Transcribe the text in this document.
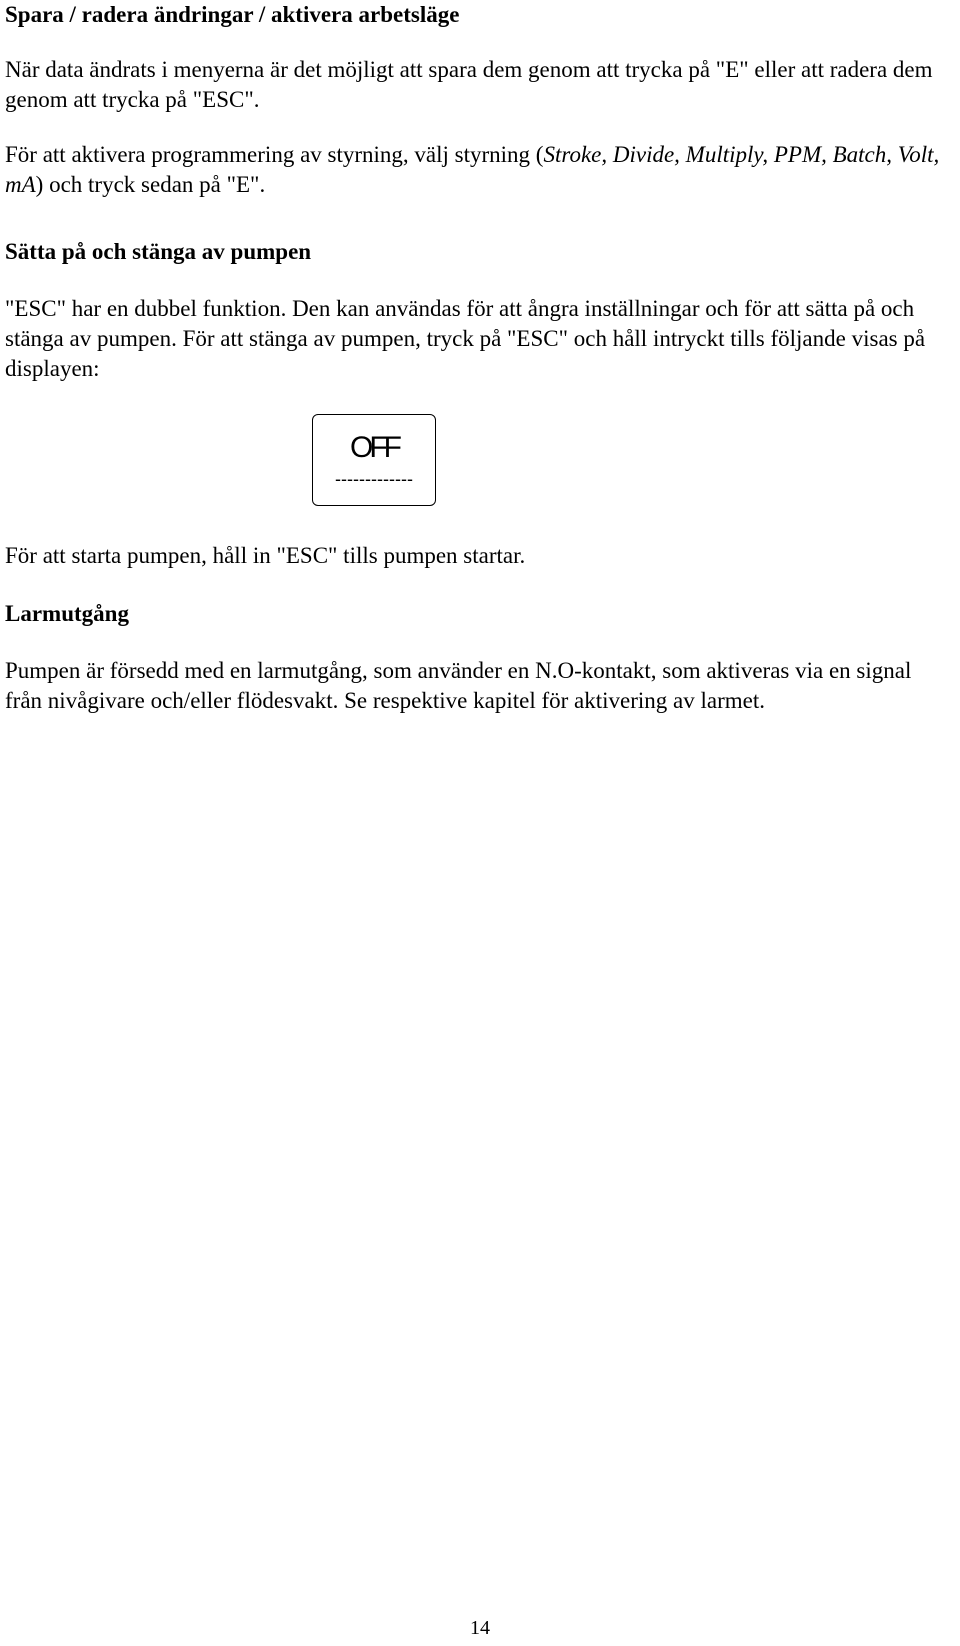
Spara / radera ändringar / aktivera arbetsläge

När data ändrats i menyerna är det möjligt att spara dem genom att trycka på "E" eller att radera dem genom att trycka på "ESC".

För att aktivera programmering av styrning, välj styrning (Stroke, Divide, Multiply, PPM, Batch, Volt, mA) och tryck sedan på "E".

Sätta på och stänga av pumpen

"ESC" har en dubbel funktion. Den kan användas för att ångra inställningar och för att sätta på och stänga av pumpen. För att stänga av pumpen, tryck på "ESC" och håll intryckt tills följande visas på displayen:

För att starta pumpen, håll in "ESC" tills pumpen startar.

Larmutgång

Pumpen är försedd med en larmutgång, som använder en N.O-kontakt, som aktiveras via en signal från nivågivare och/eller flödesvakt. Se respektive kapitel för aktivering av larmet.

OFF
-------------
14
